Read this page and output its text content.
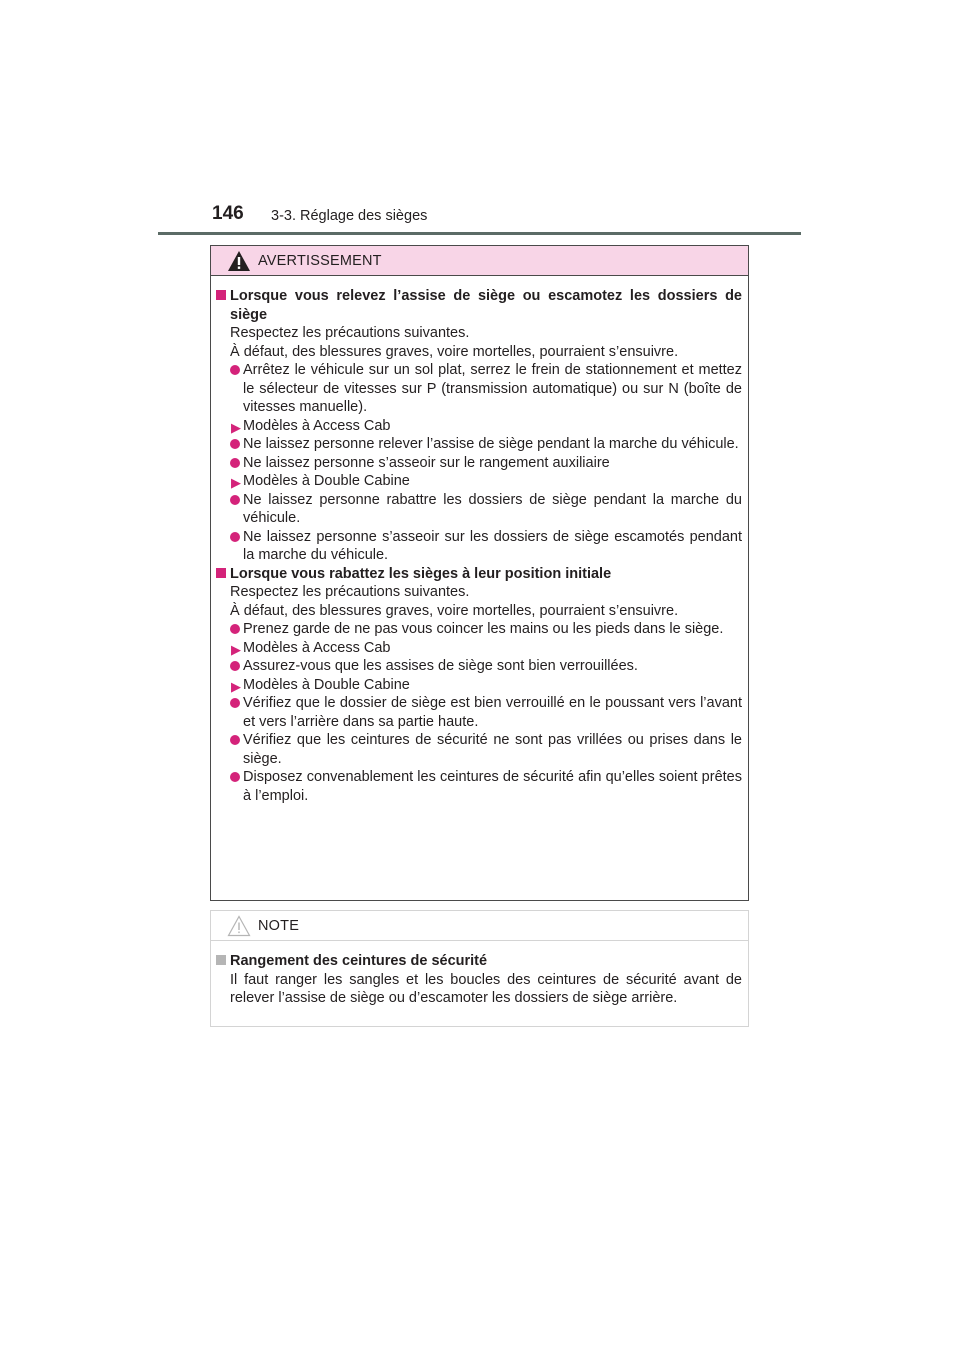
146 3-3. Réglage des sièges
AVERTISSEMENT

Lorsque vous relevez l’assise de siège ou escamotez les dossiers de siège

Respectez les précautions suivantes.
À défaut, des blessures graves, voire mortelles, pourraient s’ensuivre.

Arrêtez le véhicule sur un sol plat, serrez le frein de stationnement et mettez le sélecteur de vitesses sur P (transmission automatique) ou sur N (boîte de vitesses manuelle).

▶ Modèles à Access Cab

Ne laissez personne relever l’assise de siège pendant la marche du véhicule.

Ne laissez personne s’asseoir sur le rangement auxiliaire

▶ Modèles à Double Cabine

Ne laissez personne rabattre les dossiers de siège pendant la marche du véhicule.

Ne laissez personne s’asseoir sur les dossiers de siège escamotés pendant la marche du véhicule.

Lorsque vous rabattez les sièges à leur position initiale

Respectez les précautions suivantes.
À défaut, des blessures graves, voire mortelles, pourraient s’ensuivre.

Prenez garde de ne pas vous coincer les mains ou les pieds dans le siège.

▶ Modèles à Access Cab

Assurez-vous que les assises de siège sont bien verrouillées.

▶ Modèles à Double Cabine

Vérifiez que le dossier de siège est bien verrouillé en le poussant vers l’avant et vers l’arrière dans sa partie haute.

Vérifiez que les ceintures de sécurité ne sont pas vrillées ou prises dans le siège.

Disposez convenablement les ceintures de sécurité afin qu’elles soient prêtes à l’emploi.

NOTE

Rangement des ceintures de sécurité

Il faut ranger les sangles et les boucles des ceintures de sécurité avant de relever l’assise de siège ou d’escamoter les dossiers de siège arrière.
